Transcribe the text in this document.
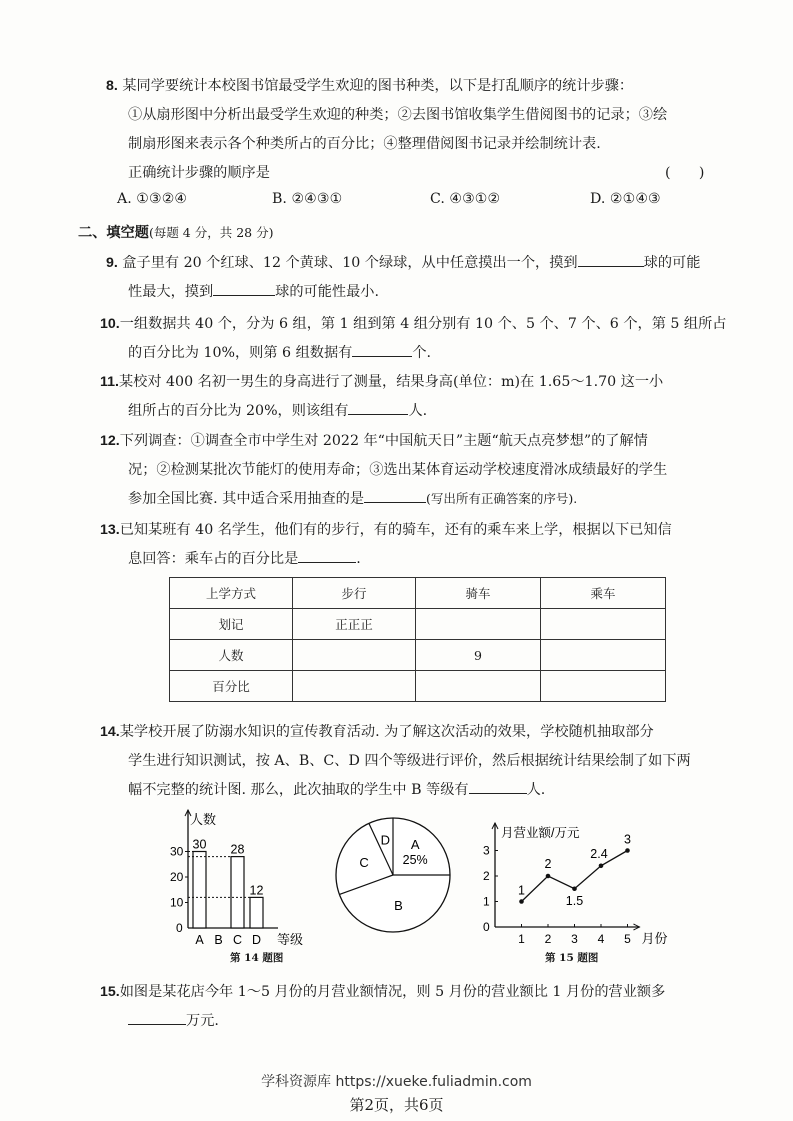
8. 某同学要统计本校图书馆最受学生欢迎的图书种类，以下是打乱顺序的统计步骤：
①从扇形图中分析出最受学生欢迎的种类；②去图书馆收集学生借阅图书的记录；③绘
制扇形图来表示各个种类所占的百分比；④整理借阅图书记录并绘制统计表.
正确统计步骤的顺序是	(　　)
A. ①③②④	B. ②④③①	C. ④③①②	D. ②①④③
二、填空题(每题 4 分，共 28 分)
9. 盒子里有 20 个红球、12 个黄球、10 个绿球，从中任意摸出一个，摸到	球的可能
性最大，摸到	球的可能性最小.
10.一组数据共 40 个，分为 6 组，第 1 组到第 4 组分别有 10 个、5 个、7 个、6 个，第 5 组所占
的百分比为 10%，则第 6 组数据有	个.
11.某校对 400 名初一男生的身高进行了测量，结果身高(单位：m)在 1.65～1.70 这一小
组所占的百分比为 20%，则该组有	人.
12.下列调查：①调查全市中学生对 2022 年“中国航天日”主题“航天点亮梦想”的了解情
况；②检测某批次节能灯的使用寿命；③选出某体育运动学校速度滑冰成绩最好的学生
参加全国比赛. 其中适合采用抽查的是	(写出所有正确答案的序号).
13.已知某班有 40 名学生，他们有的步行，有的骑车，还有的乘车来上学，根据以下已知信
息回答：乘车占的百分比是	.
上学方式	步行	骑车	乘车
划记	正正正		
人数		9	
百分比			
14.某学校开展了防溺水知识的宣传教育活动. 为了解这次活动的效果，学校随机抽取部分
学生进行知识测试，按 A、B、C、D 四个等级进行评价，然后根据统计结果绘制了如下两
幅不完整的统计图. 那么，此次抽取的学生中 B 等级有	人.
人数
等级
0
10
20
30
A
30
B C
28
D
12
A
25%
B
C
D	月营业额/万元
月份
0
1
2
3
1 2 3 4 5
1
2
1.5
2.4
3
第 14 题图	第 15 题图
15.如图是某花店今年 1～5 月份的月营业额情况，则 5 月份的营业额比 1 月份的营业额多
万元.
学科资源库 https://xueke.fuliadmin.com
第2页，共6页
